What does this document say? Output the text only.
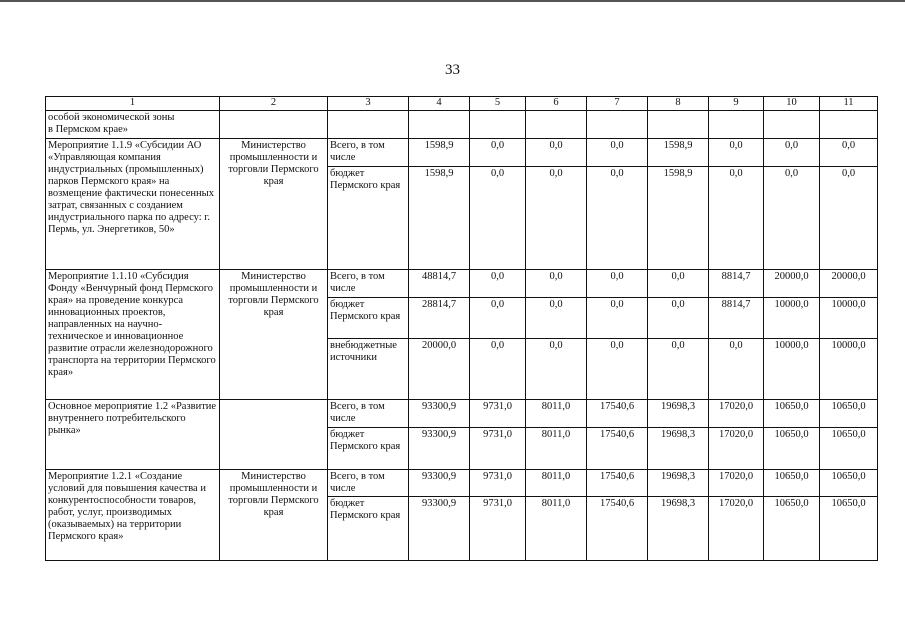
33
1	2	3	4	5	6	7	8	9	10	11
особой экономической зоны
в Пермском крае»										
Мероприятие 1.1.9 «Субсидии АО «Управляющая компания индустриальных (промышленных) парков Пермского края» на возмещение фактически понесенных затрат, связанных с созданием индустриального парка по адресу: г. Пермь, ул. Энергетиков, 50»	Министерство промышленности и торговли Пермского края	Всего, в том числе	1598,9	0,0	0,0	0,0	1598,9	0,0	0,0	0,0
		бюджет Пермского края	1598,9	0,0	0,0	0,0	1598,9	0,0	0,0	0,0
Мероприятие 1.1.10 «Субсидия Фонду «Венчурный фонд Пермского края» на проведение конкурса инновационных проектов, направленных на научно-техническое и инновационное развитие отрасли железнодорожного транспорта на территории Пермского края»	Министерство промышленности и торговли Пермского края	Всего, в том числе	48814,7	0,0	0,0	0,0	0,0	8814,7	20000,0	20000,0
		бюджет Пермского края	28814,7	0,0	0,0	0,0	0,0	8814,7	10000,0	10000,0
		внебюджетные источники	20000,0	0,0	0,0	0,0	0,0	0,0	10000,0	10000,0
Основное мероприятие 1.2 «Развитие внутреннего потребительского рынка»		Всего, в том числе	93300,9	9731,0	8011,0	17540,6	19698,3	17020,0	10650,0	10650,0
		бюджет Пермского края	93300,9	9731,0	8011,0	17540,6	19698,3	17020,0	10650,0	10650,0
Мероприятие 1.2.1 «Создание условий для повышения качества и конкурентоспособности товаров, работ, услуг, производимых (оказываемых) на территории Пермского края»	Министерство промышленности и торговли Пермского края	Всего, в том числе	93300,9	9731,0	8011,0	17540,6	19698,3	17020,0	10650,0	10650,0
		бюджет Пермского края	93300,9	9731,0	8011,0	17540,6	19698,3	17020,0	10650,0	10650,0
